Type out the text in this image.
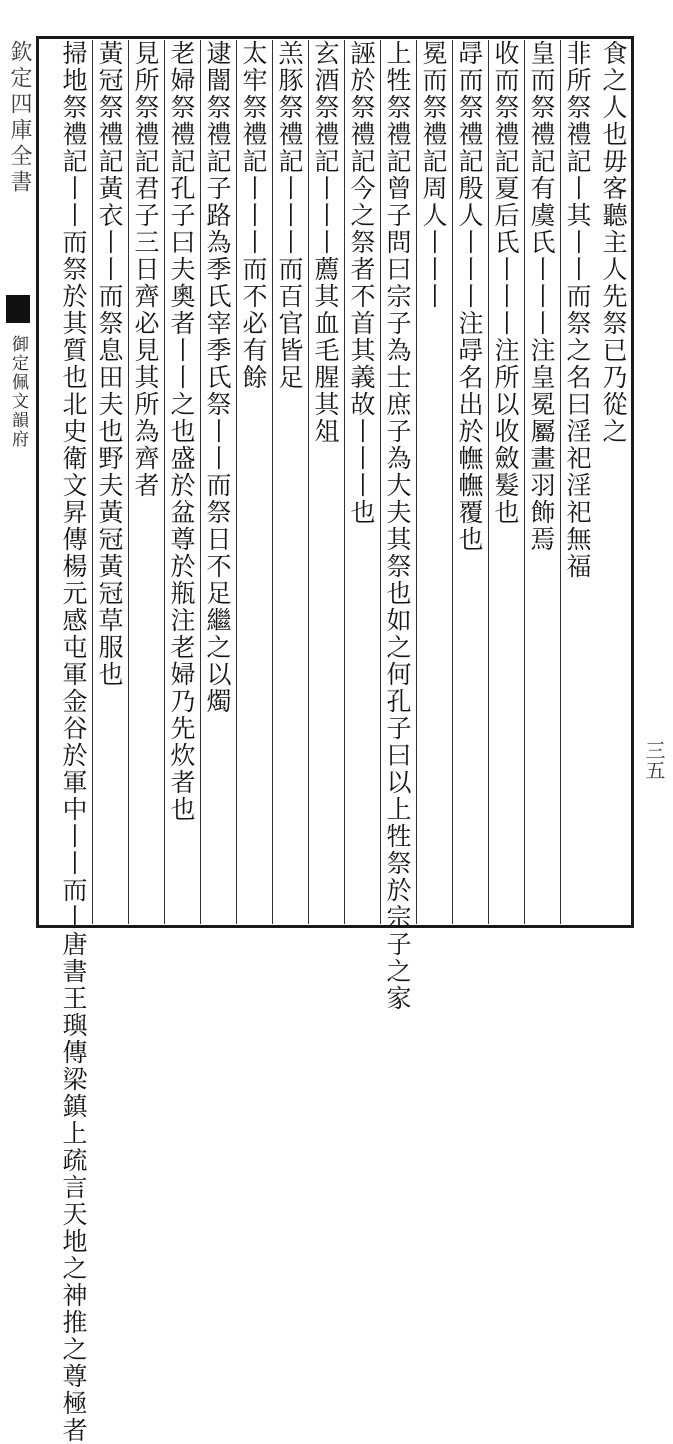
欽定四庫全書
御定佩文韻府	食之人也毋客聽主人先祭已乃從之
非所祭禮記丨其丨丨而祭之名曰淫祀淫祀無福
皇而祭禮記有虞氏丨丨丨注皇冕屬畫羽飾焉
收而祭禮記夏后氏丨丨丨注所以收斂髮也
冔而祭禮記殷人丨丨丨注冔名出於幠幠覆也
冕而祭禮記周人丨丨丨
上牲祭禮記曾子問曰宗子為士庶子為大夫其祭也如之何孔子曰以上牲祭於宗子之家
誣於祭禮記今之祭者不首其義故丨丨丨也
玄酒祭禮記丨丨丨薦其血毛腥其俎
羔豚祭禮記丨丨丨而百官皆足
太牢祭禮記丨丨丨而不必有餘
逮闇祭禮記子路為季氏宰季氏祭丨丨而祭日不足繼之以燭
老婦祭禮記孔子曰夫奧者丨丨之也盛於盆尊於瓶注老婦乃先炊者也
見所祭禮記君子三日齊必見其所為齊者
黃冠祭禮記黃衣丨丨而祭息田夫也野夫黃冠黃冠草服也
掃地祭禮記丨丨而祭於其質也北史衛文昇傳楊元感屯軍金谷於軍中丨丨而丨唐書王璵傳梁鎮上疏言天地之神推之尊極者	三五
